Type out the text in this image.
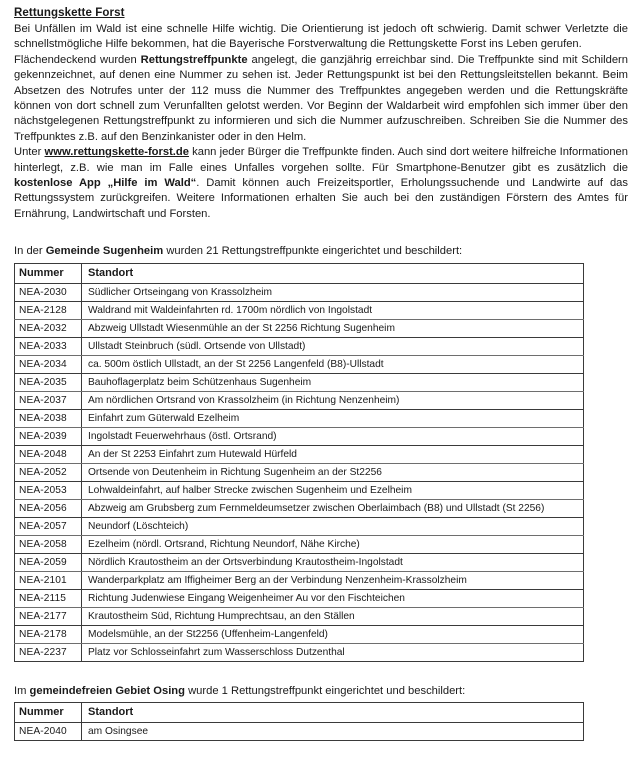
Rettungskette Forst

Bei Unfällen im Wald ist eine schnelle Hilfe wichtig. Die Orientierung ist jedoch oft schwierig. Damit schwer Verletzte die schnellstmögliche Hilfe bekommen, hat die Bayerische Forstverwaltung die Rettungskette Forst ins Leben gerufen.

Flächendeckend wurden Rettungstreffpunkte angelegt, die ganzjährig erreichbar sind. Die Treffpunkte sind mit Schildern gekennzeichnet, auf denen eine Nummer zu sehen ist. Jeder Rettungspunkt ist bei den Rettungsleitstellen bekannt. Beim Absetzen des Notrufes unter der 112 muss die Nummer des Treffpunktes angegeben werden und die Rettungskräfte können von dort schnell zum Verunfallten gelotst werden. Vor Beginn der Waldarbeit wird empfohlen sich immer über den nächstgelegenen Rettungstreffpunkt zu informieren und sich die Nummer aufzuschreiben. Schreiben Sie die Nummer des Treffpunktes z.B. auf den Benzinkanister oder in den Helm.

Unter www.rettungskette-forst.de kann jeder Bürger die Treffpunkte finden. Auch sind dort weitere hilfreiche Informationen hinterlegt, z.B. wie man im Falle eines Unfalles vorgehen sollte. Für Smartphone-Benutzer gibt es zusätzlich die kostenlose App „Hilfe im Wald“. Damit können auch Freizeitsportler, Erholungssuchende und Landwirte auf das Rettungssystem zurückgreifen. Weitere Informationen erhalten Sie auch bei den zuständigen Förstern des Amtes für Ernährung, Landwirtschaft und Forsten.

In der Gemeinde Sugenheim wurden 21 Rettungstreffpunkte eingerichtet und beschildert:

Nummer	Standort
NEA-2030	Südlicher Ortseingang von Krassolzheim
NEA-2128	Waldrand mit Waldeinfahrten rd. 1700m nördlich von Ingolstadt
NEA-2032	Abzweig Ullstadt Wiesenmühle an der St 2256 Richtung Sugenheim
NEA-2033	Ullstadt Steinbruch (südl. Ortsende von Ullstadt)
NEA-2034	ca. 500m östlich Ullstadt, an der St 2256 Langenfeld (B8)-Ullstadt
NEA-2035	Bauhoflagerplatz beim Schützenhaus Sugenheim
NEA-2037	Am nördlichen Ortsrand von Krassolzheim (in Richtung Nenzenheim)
NEA-2038	Einfahrt zum Güterwald Ezelheim
NEA-2039	Ingolstadt Feuerwehrhaus (östl. Ortsrand)
NEA-2048	An der St 2253 Einfahrt zum Hutewald Hürfeld
NEA-2052	Ortsende von Deutenheim in Richtung Sugenheim an der St2256
NEA-2053	Lohwaldeinfahrt, auf halber Strecke zwischen Sugenheim und Ezelheim
NEA-2056	Abzweig am Grubsberg zum Fernmeldeumsetzer zwischen Oberlaimbach (B8) und Ullstadt (St 2256)
NEA-2057	Neundorf (Löschteich)
NEA-2058	Ezelheim (nördl. Ortsrand, Richtung Neundorf, Nähe Kirche)
NEA-2059	Nördlich Krautostheim an der Ortsverbindung Krautostheim-Ingolstadt
NEA-2101	Wanderparkplatz am Iffigheimer Berg an der Verbindung Nenzenheim-Krassolzheim
NEA-2115	Richtung Judenwiese Eingang Weigenheimer Au vor den Fischteichen
NEA-2177	Krautostheim Süd, Richtung Humprechtsau, an den Ställen
NEA-2178	Modelsmühle, an der St2256 (Uffenheim-Langenfeld)
NEA-2237	Platz vor Schlosseinfahrt zum Wasserschloss Dutzenthal

Im gemeindefreien Gebiet Osing wurde 1 Rettungstreffpunkt eingerichtet und beschildert:

Nummer	Standort
NEA-2040	am Osingsee
